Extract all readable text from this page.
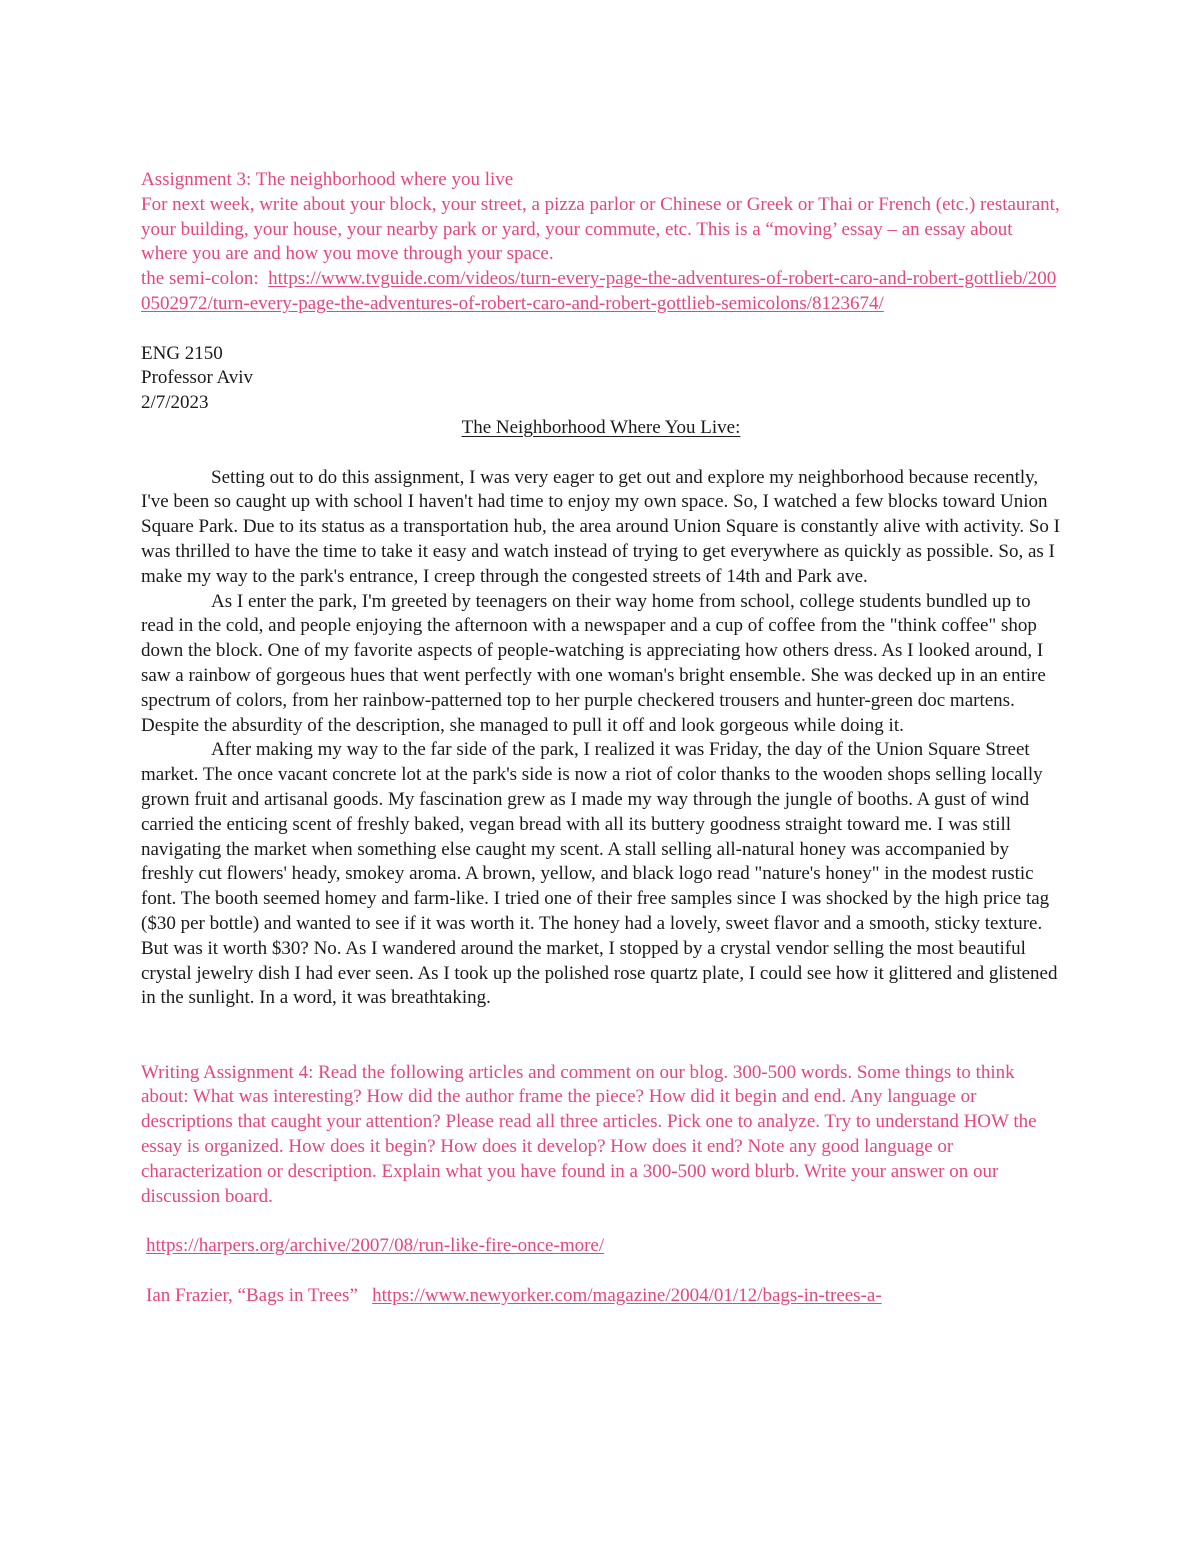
Assignment 3: The neighborhood where you live

For next week, write about your block, your street, a pizza parlor or Chinese or Greek or Thai or French (etc.) restaurant, your building, your house, your nearby park or yard, your commute, etc. This is a “moving’ essay – an essay about where you are and how you move through your space.

the semi-colon: https://www.tvguide.com/videos/turn-every-page-the-adventures-of-robert-caro-and-robert-gottlieb/2000502972/turn-every-page-the-adventures-of-robert-caro-and-robert-gottlieb-semicolons/8123674/

ENG 2150

Professor Aviv

2/7/2023

The Neighborhood Where You Live:

Setting out to do this assignment, I was very eager to get out and explore my neighborhood because recently, I've been so caught up with school I haven't had time to enjoy my own space. So, I watched a few blocks toward Union Square Park. Due to its status as a transportation hub, the area around Union Square is constantly alive with activity. So I was thrilled to have the time to take it easy and watch instead of trying to get everywhere as quickly as possible. So, as I make my way to the park's entrance, I creep through the congested streets of 14th and Park ave.

As I enter the park, I'm greeted by teenagers on their way home from school, college students bundled up to read in the cold, and people enjoying the afternoon with a newspaper and a cup of coffee from the "think coffee" shop down the block. One of my favorite aspects of people-watching is appreciating how others dress. As I looked around, I saw a rainbow of gorgeous hues that went perfectly with one woman's bright ensemble. She was decked up in an entire spectrum of colors, from her rainbow-patterned top to her purple checkered trousers and hunter-green doc martens. Despite the absurdity of the description, she managed to pull it off and look gorgeous while doing it.

After making my way to the far side of the park, I realized it was Friday, the day of the Union Square Street market. The once vacant concrete lot at the park's side is now a riot of color thanks to the wooden shops selling locally grown fruit and artisanal goods. My fascination grew as I made my way through the jungle of booths. A gust of wind carried the enticing scent of freshly baked, vegan bread with all its buttery goodness straight toward me. I was still navigating the market when something else caught my scent. A stall selling all-natural honey was accompanied by freshly cut flowers' heady, smokey aroma. A brown, yellow, and black logo read "nature's honey" in the modest rustic font. The booth seemed homey and farm-like. I tried one of their free samples since I was shocked by the high price tag ($30 per bottle) and wanted to see if it was worth it. The honey had a lovely, sweet flavor and a smooth, sticky texture. But was it worth $30? No. As I wandered around the market, I stopped by a crystal vendor selling the most beautiful crystal jewelry dish I had ever seen. As I took up the polished rose quartz plate, I could see how it glittered and glistened in the sunlight. In a word, it was breathtaking.

Writing Assignment 4: Read the following articles and comment on our blog. 300-500 words. Some things to think about: What was interesting? How did the author frame the piece? How did it begin and end. Any language or descriptions that caught your attention? Please read all three articles. Pick one to analyze. Try to understand HOW the essay is organized. How does it begin? How does it develop? How does it end? Note any good language or characterization or description. Explain what you have found in a 300-500 word blurb. Write your answer on our discussion board.

https://harpers.org/archive/2007/08/run-like-fire-once-more/

Ian Frazier, “Bags in Trees” https://www.newyorker.com/magazine/2004/01/12/bags-in-trees-a-
